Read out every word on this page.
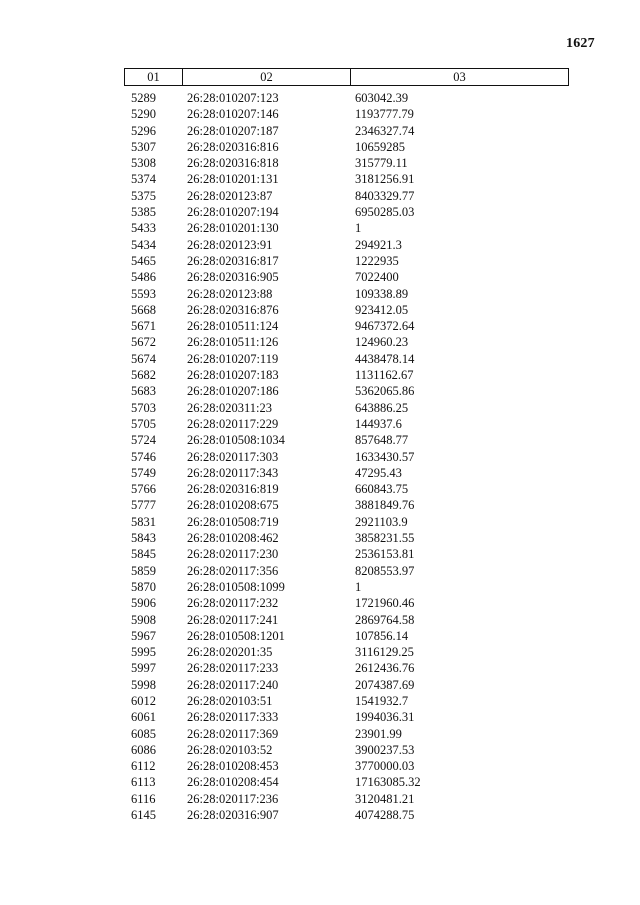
1627
01	02	03
5289 26:28:010207:123	603042.39
5290 26:28:010207:146	1193777.79
5296 26:28:010207:187	2346327.74
5307 26:28:020316:816	10659285
5308 26:28:020316:818	315779.11
5374 26:28:010201:131	3181256.91
5375 26:28:020123:87	8403329.77
5385 26:28:010207:194	6950285.03
5433 26:28:010201:130	1
5434 26:28:020123:91	294921.3
5465 26:28:020316:817	1222935
5486 26:28:020316:905	7022400
5593 26:28:020123:88	109338.89
5668 26:28:020316:876	923412.05
5671 26:28:010511:124	9467372.64
5672 26:28:010511:126	124960.23
5674 26:28:010207:119	4438478.14
5682 26:28:010207:183	1131162.67
5683 26:28:010207:186	5362065.86
5703 26:28:020311:23	643886.25
5705 26:28:020117:229	144937.6
5724 26:28:010508:1034	857648.77
5746 26:28:020117:303	1633430.57
5749 26:28:020117:343	47295.43
5766 26:28:020316:819	660843.75
5777 26:28:010208:675	3881849.76
5831 26:28:010508:719	2921103.9
5843 26:28:010208:462	3858231.55
5845 26:28:020117:230	2536153.81
5859 26:28:020117:356	8208553.97
5870 26:28:010508:1099	1
5906 26:28:020117:232	1721960.46
5908 26:28:020117:241	2869764.58
5967 26:28:010508:1201	107856.14
5995 26:28:020201:35	3116129.25
5997 26:28:020117:233	2612436.76
5998 26:28:020117:240	2074387.69
6012 26:28:020103:51	1541932.7
6061 26:28:020117:333	1994036.31
6085 26:28:020117:369	23901.99
6086 26:28:020103:52	3900237.53
6112	26:28:010208:453	3770000.03
6113	26:28:010208:454	17163085.32
6116	26:28:020117:236	3120481.21
6145 26:28:020316:907	4074288.75
